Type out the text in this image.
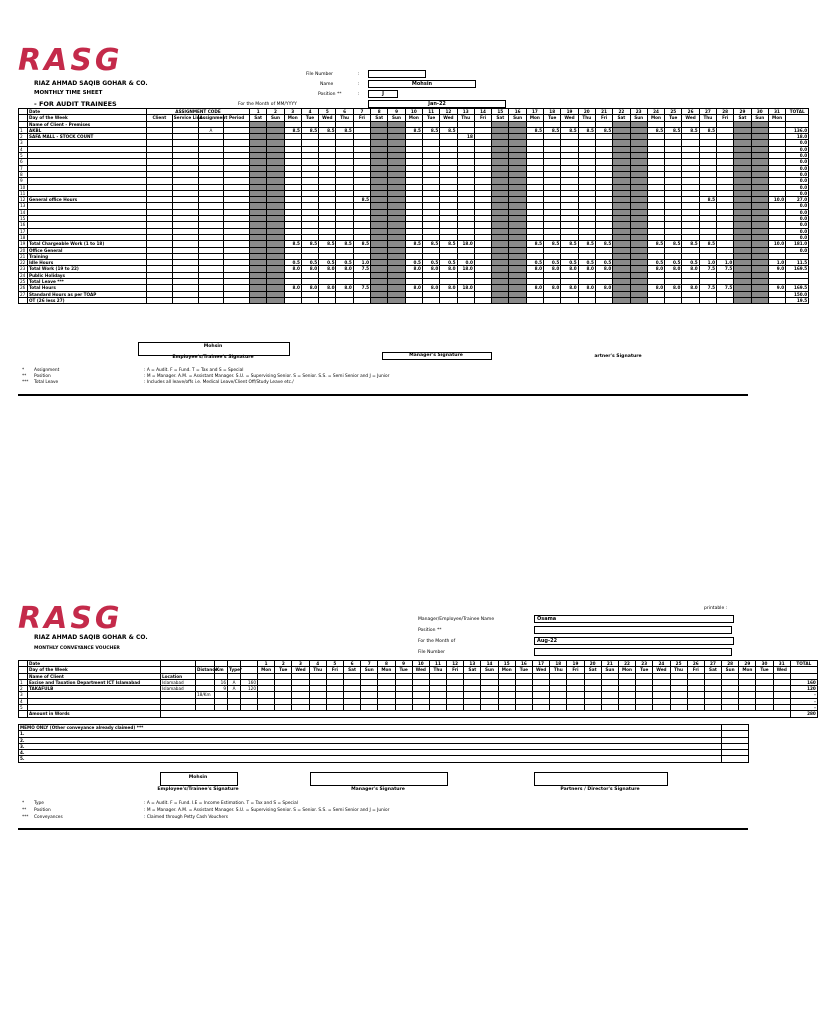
RASG
RIAZ AHMAD SAQIB GOHAR & CO.
MONTHLY TIME SHEET
- FOR AUDIT TRAINEES
File Number	:
Name	:	Mohsin
Position **	:	J
For the Month of MM/YYYY	Jan-22
	Date	ASSIGNMENT CODE				1	2	3	4	5	6	7	8	9	10	11	12	13	14	15	16	17	18	19	20	21	22	23	24	25	26	27	28	29	30	31	TOTAL
	Day of the Week	Client	Service Line	Assignment	Period	Sat	Sun	Mon	Tue	Wed	Thu	Fri	Sat	Sun	Mon	Tue	Wed	Thu	Fri	Sat	Sun	Mon	Tue	Wed	Thu	Fri	Sat	Sun	Mon	Tue	Wed	Thu	Fri	Sat	Sun	Mon	
	Name of Client - Premises																																				
1	AKBL			A				8.5	8.5	8.5	8.5				8.5	8.5	8.5					8.5	8.5	8.5	8.5	8.5			8.5	8.5	8.5	8.5					136.0
2	SAFA MALL - STOCK COUNT																	18																			18.0
3																																					0.0
4																																					0.0
5																																					0.0
6																																					0.0
7																																					0.0
8																																					0.0
9																																					0.0
10																																					0.0
11																																					0.0
12	General office Hours											8.5																				8.5				10.0	27.0
13																																					0.0
14																																					0.0
15																																					0.0
16																																					0.0
17																																					0.0
18																																					0.0
19	Total Chargeable Work (1 to 18)							8.5	8.5	8.5	8.5	8.5			8.5	8.5	8.5	18.0				8.5	8.5	8.5	8.5	8.5			8.5	8.5	8.5	8.5				10.0	181.0
20	Office General																																				0.0
21	Training																																				
22	Idle Hours							0.5	0.5	0.5	0.5	1.0			0.5	0.5	0.5	0.0				0.5	0.5	0.5	0.5	0.5			0.5	0.5	0.5	1.0	1.0			1.0	11.5
23	Total Work (19 to 22)							8.0	8.0	8.0	8.0	7.5			8.0	8.0	8.0	18.0				8.0	8.0	8.0	8.0	8.0			8.0	8.0	8.0	7.5	7.5			9.0	169.5
24	Public Holidays																																				
25	Total Leave ***																																				
26	Total Hours							8.0	8.0	8.0	8.0	7.5			8.0	8.0	8.0	18.0				8.0	8.0	8.0	8.0	8.0			8.0	8.0	8.0	7.5	7.5			9.0	169.5
27	Standard Hours as per TOAP																																				150.0
	OT (26 less 27)																																				19.5
Mohsin
Employee's/Trainee's Signature	Manager's Signature	artner's Signature
* Assignment	: A = Audit. F = Fund. T = Tax and S = Special
** Position	: M = Manager. A.M. = Assistant Manager. S.U. = Supervising Senior. S = Senior. S.S. = Semi Senior and J = Junior
*** Total Leave	: Includes all leave/offs i.e. Medical Leave/Client Off/Study Leave etc./
RASG
RIAZ AHMAD SAQIB GOHAR & CO.
MONTHLY CONVEYANCE VOUCHER
printable :
Manager/Employee/Trainee Name	Osama
Position **
For the Month of	Aug-22
File Number
	Date						1	2	3	4	5	6	7	8	9	10	11	12	13	14	15	16	17	18	19	20	21	22	23	24	25	26	27	28	29	30	31	TOTAL
	Day of the Week		Distance	Km	Type*		Mon	Tue	Wed	Thu	Fri	Sat	Sun	Mon	Tue	Wed	Thu	Fri	Sat	Sun	Mon	Tue	Wed	Thu	Fri	Sat	Sun	Mon	Tue	Wed	Thu	Fri	Sat	Sun	Mon	Tue	Wed	
	Name of Client	Location																																				
1	Excise and Taxation Department ICT Islamabad	Islamabad		16	A	160																																160
2	TAKAFULB	Islamabad		9	A	120																																120
3			18/Km																																			-
4																																						-
5																																						-
	Amount in Words																																					280
MEMO ONLY (Other conveyance already claimed) ***	
1.	
2.	
3.	
4.	
5.	
Mohsin
Employee's/Trainee's Signature	Manager's Signature	Partners / Director's Signature
* Type	: A = Audit. F = Fund. I.E = Income Estimation. T = Tax and S = Special
** Position	: M = Manager. A.M. = Assistant Manager. S.U. = Supervising Senior. S = Senior. S.S. = Semi Senior and J = Junior
*** Conveyances	: Claimed through Petty Cash Vouchers
